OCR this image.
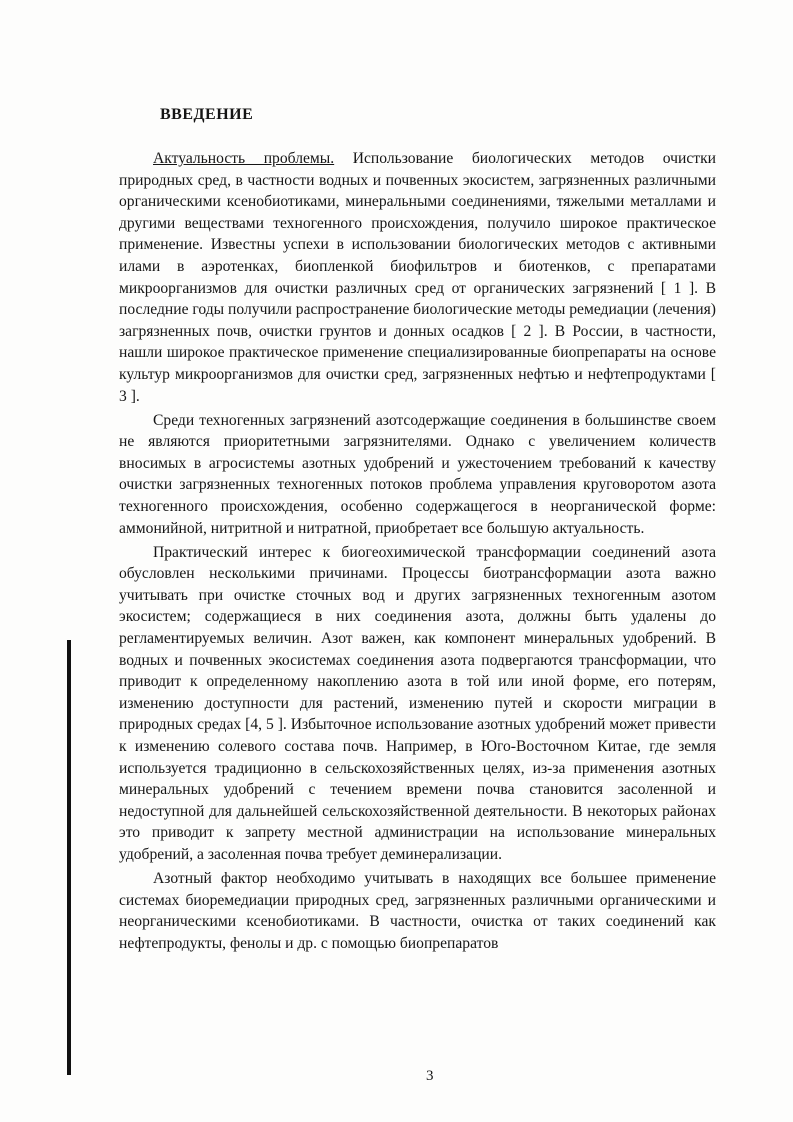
ВВЕДЕНИЕ

Актуальность проблемы. Использование биологических методов очистки природных сред, в частности водных и почвенных экосистем, загрязненных различными органическими ксенобиотиками, минеральными соединениями, тяжелыми металлами и другими веществами техногенного происхождения, получило широкое практическое применение. Известны успехи в использовании биологических методов с активными илами в аэротенках, биопленкой биофильтров и биотенков, с препаратами микроорганизмов для очистки различных сред от органических загрязнений [ 1 ]. В последние годы получили распространение биологические методы ремедиации (лечения) загрязненных почв, очистки грунтов и донных осадков [ 2 ]. В России, в частности, нашли широкое практическое применение специализированные биопрепараты на основе культур микроорганизмов для очистки сред, загрязненных нефтью и нефтепродуктами [ 3 ].

Среди техногенных загрязнений азотсодержащие соединения в большинстве своем не являются приоритетными загрязнителями. Однако с увеличением количеств вносимых в агросистемы азотных удобрений и ужесточением требований к качеству очистки загрязненных техногенных потоков проблема управления круговоротом азота техногенного происхождения, особенно содержащегося в неорганической форме: аммонийной, нитритной и нитратной, приобретает все большую актуальность.

Практический интерес к биогеохимической трансформации соединений азота обусловлен несколькими причинами. Процессы биотрансформации азота важно учитывать при очистке сточных вод и других загрязненных техногенным азотом экосистем; содержащиеся в них соединения азота, должны быть удалены до регламентируемых величин. Азот важен, как компонент минеральных удобрений. В водных и почвенных экосистемах соединения азота подвергаются трансформации, что приводит к определенному накоплению азота в той или иной форме, его потерям, изменению доступности для растений, изменению путей и скорости миграции в природных средах [4, 5 ]. Избыточное использование азотных удобрений может привести к изменению солевого состава почв. Например, в Юго-Восточном Китае, где земля используется традиционно в сельскохозяйственных целях, из-за применения азотных минеральных удобрений с течением времени почва становится засоленной и недоступной для дальнейшей сельскохозяйственной деятельности. В некоторых районах это приводит к запрету местной администрации на использование минеральных удобрений, а засоленная почва требует деминерализации.

Азотный фактор необходимо учитывать в находящих все большее применение системах биоремедиации природных сред, загрязненных различными органическими и неорганическими ксенобиотиками. В частности, очистка от таких соединений как нефтепродукты, фенолы и др. с помощью биопрепаратов

3
